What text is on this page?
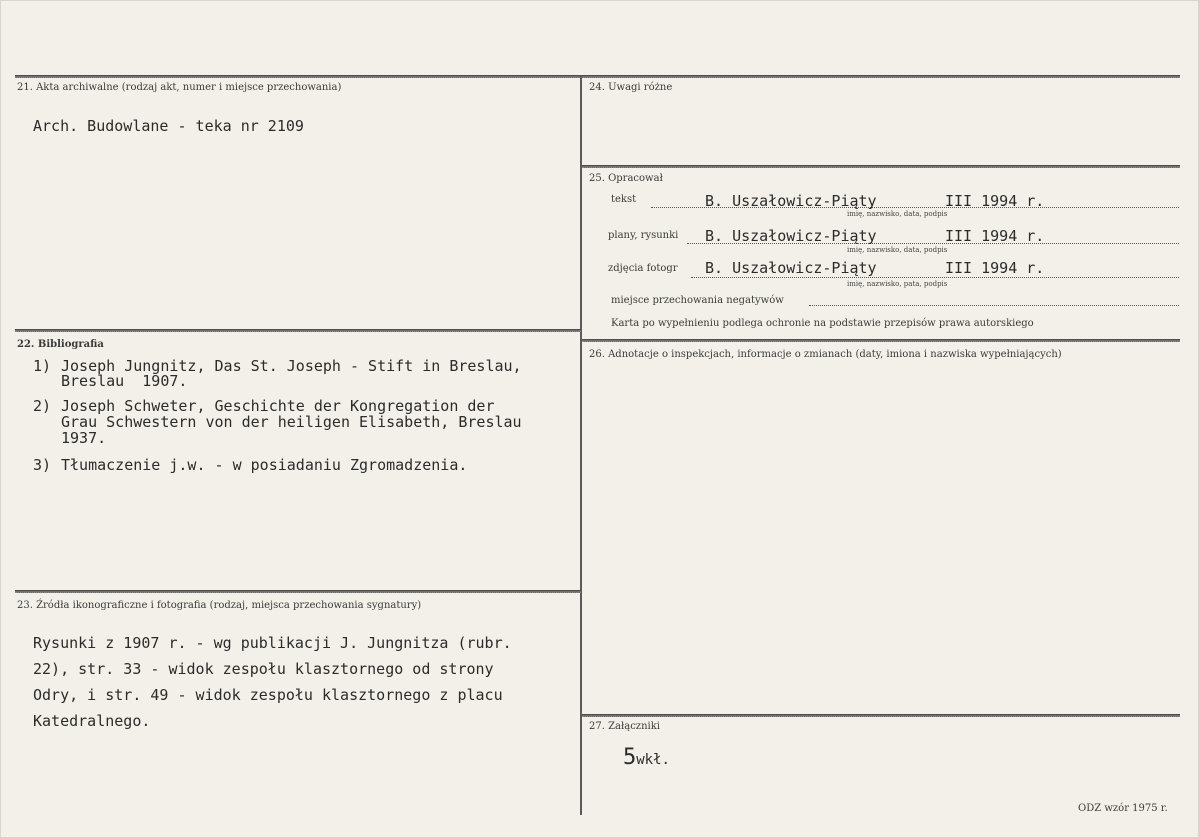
21. Akta archiwalne (rodzaj akt, numer i miejsce przechowania)
Arch. Budowlane - teka nr 2109
22. Bibliografia
1) Joseph Jungnitz, Das St. Joseph - Stift in Breslau,
Breslau  1907.
2) Joseph Schweter, Geschichte der Kongregation der
Grau Schwestern von der heiligen Elisabeth, Breslau
1937.
3) Tłumaczenie j.w. - w posiadaniu Zgromadzenia.
23. Źródła ikonograficzne i fotografia (rodzaj, miejsca przechowania sygnatury)
Rysunki z 1907 r. - wg publikacji J. Jungnitza (rubr.
22), str. 33 - widok zespołu klasztornego od strony
Odry, i str. 49 - widok zespołu klasztornego z placu
Katedralnego.
24. Uwagi różne
25. Opracował
tekst	B. Uszałowicz-Piąty	III 1994 r.
imię, nazwisko, data, podpis
plany, rysunki B. Uszałowicz-Piąty	III 1994 r.
imię, nazwisko, data, podpis
zdjęcia fotogr B. Uszałowicz-Piąty	III 1994 r.
imię, nazwisko, pata, podpis
miejsce przechowania negatywów
Karta po wypełnieniu podlega ochronie na podstawie przepisów prawa autorskiego
26. Adnotacje o inspekcjach, informacje o zmianach (daty, imiona i nazwiska wypełniających)
27. Załączniki
5wkł.
ODZ wzór 1975 r.
